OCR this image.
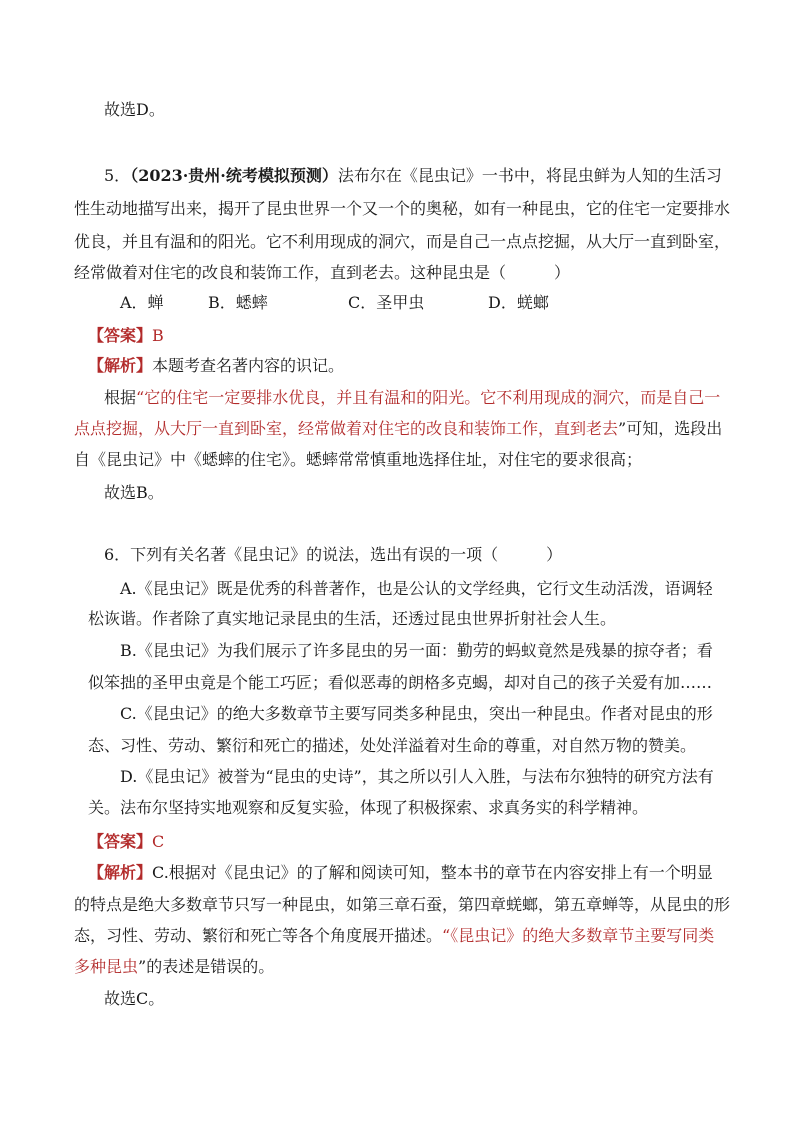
故选D。
5．（2023·贵州·统考模拟预测）法布尔在《昆虫记》一书中，将昆虫鲜为人知的生活习
性生动地描写出来，揭开了昆虫世界一个又一个的奥秘，如有一种昆虫，它的住宅一定要排水
优良，并且有温和的阳光。它不利用现成的洞穴，而是自己一点点挖掘，从大厅一直到卧室，
经常做着对住宅的改良和装饰工作，直到老去。这种昆虫是（　　　）
A．蝉	B．蟋蟀	C．圣甲虫	D．蜣螂
【答案】B
【解析】本题考查名著内容的识记。
根据“它的住宅一定要排水优良，并且有温和的阳光。它不利用现成的洞穴，而是自己一
点点挖掘，从大厅一直到卧室，经常做着对住宅的改良和装饰工作，直到老去”可知，选段出
自《昆虫记》中《蟋蟀的住宅》。蟋蟀常常慎重地选择住址，对住宅的要求很高；
故选B。
6．下列有关名著《昆虫记》的说法，选出有误的一项（　　　）
A.《昆虫记》既是优秀的科普著作，也是公认的文学经典，它行文生动活泼，语调轻
松诙谐。作者除了真实地记录昆虫的生活，还透过昆虫世界折射社会人生。
B.《昆虫记》为我们展示了许多昆虫的另一面：勤劳的蚂蚁竟然是残暴的掠夺者；看
似笨拙的圣甲虫竟是个能工巧匠；看似恶毒的朗格多克蝎，却对自己的孩子关爱有加……
C.《昆虫记》的绝大多数章节主要写同类多种昆虫，突出一种昆虫。作者对昆虫的形
态、习性、劳动、繁衍和死亡的描述，处处洋溢着对生命的尊重，对自然万物的赞美。
D.《昆虫记》被誉为“昆虫的史诗”，其之所以引人入胜，与法布尔独特的研究方法有
关。法布尔坚持实地观察和反复实验，体现了积极探索、求真务实的科学精神。
【答案】C
【解析】C.根据对《昆虫记》的了解和阅读可知，整本书的章节在内容安排上有一个明显
的特点是绝大多数章节只写一种昆虫，如第三章石蚕，第四章蜣螂，第五章蝉等，从昆虫的形
态，习性、劳动、繁衍和死亡等各个角度展开描述。“《昆虫记》的绝大多数章节主要写同类
多种昆虫”的表述是错误的。
故选C。
